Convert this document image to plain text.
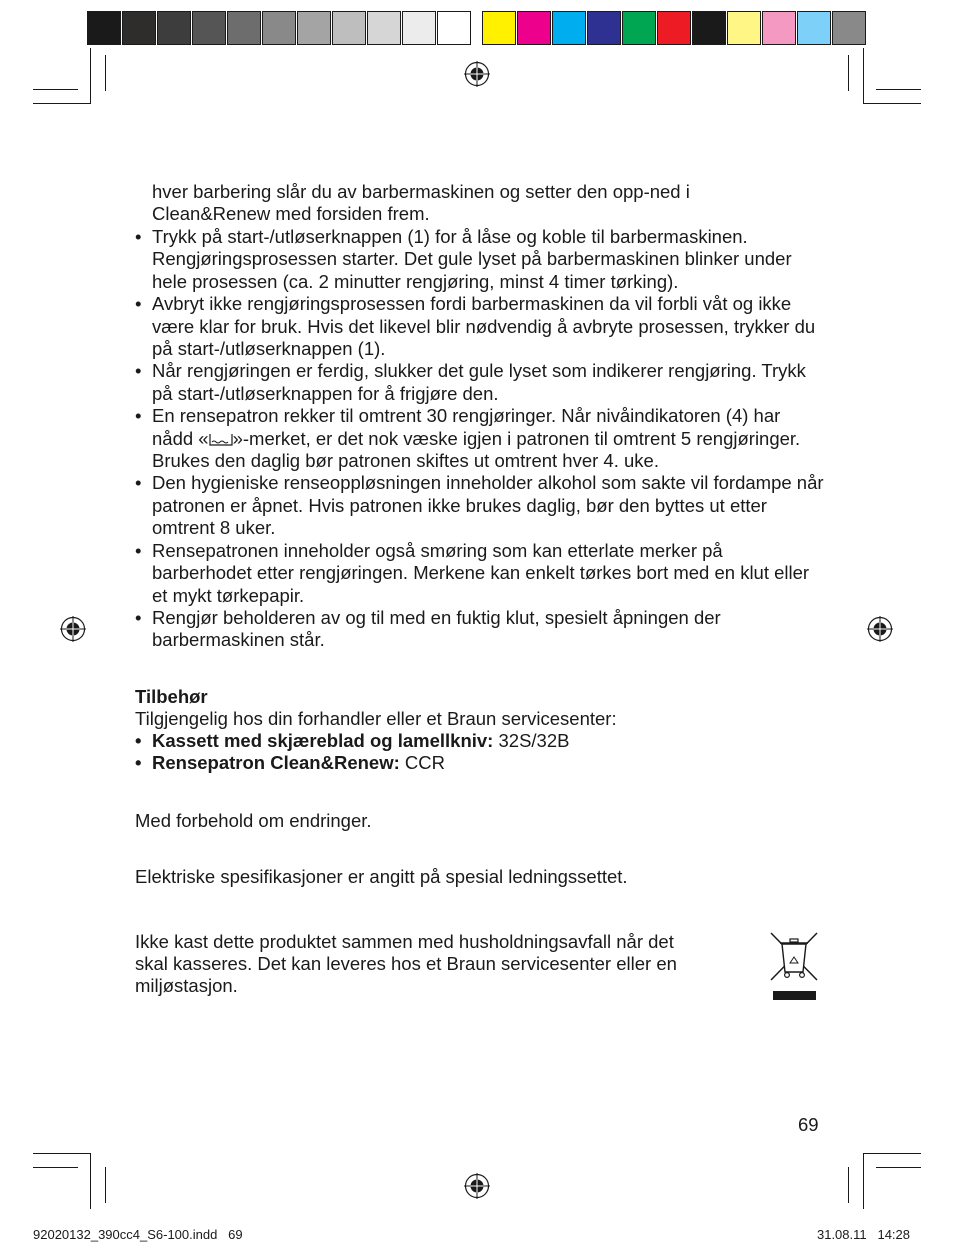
hver barbering slår du av barbermaskinen og setter den opp-ned i
Clean&Renew med forsiden frem.
• Trykk på start-/utløserknappen (1) for å låse og koble til barbermaskinen. Rengjøringsprosessen starter. Det gule lyset på barbermaskinen blinker under hele prosessen (ca. 2 minutter rengjøring, minst 4 timer tørking).
• Avbryt ikke rengjøringsprosessen fordi barbermaskinen da vil forbli våt og ikke være klar for bruk. Hvis det likevel blir nødvendig å avbryte prosessen, trykker du på start-/utløserknappen (1).
• Når rengjøringen er ferdig, slukker det gule lyset som indikerer rengjøring. Trykk på start-/utløserknappen for å frigjøre den.
• En rensepatron rekker til omtrent 30 rengjøringer. Når nivåindikatoren (4) har nådd « »-merket, er det nok væske igjen i patronen til omtrent 5 rengjøringer. Brukes den daglig bør patronen skiftes ut omtrent hver 4. uke.
• Den hygieniske renseoppløsningen inneholder alkohol som sakte vil fordampe når patronen er åpnet. Hvis patronen ikke brukes daglig, bør den byttes ut etter omtrent 8 uker.
• Rensepatronen inneholder også smøring som kan etterlate merker på barberhodet etter rengjøringen. Merkene kan enkelt tørkes bort med en klut eller et mykt tørkepapir.
• Rengjør beholderen av og til med en fuktig klut, spesielt åpningen der barbermaskinen står.
Tilbehør
Tilgjengelig hos din forhandler eller et Braun servicesenter:
• Kassett med skjæreblad og lamellkniv: 32S/32B
• Rensepatron Clean&Renew: CCR
Med forbehold om endringer.
Elektriske spesifikasjoner er angitt på spesial ledningssettet.
Ikke kast dette produktet sammen med husholdningsavfall når det
skal kasseres. Det kan leveres hos et Braun servicesenter eller en
miljøstasjon.
69
92020132_390cc4_S6-100.indd   69	31.08.11   14:28
